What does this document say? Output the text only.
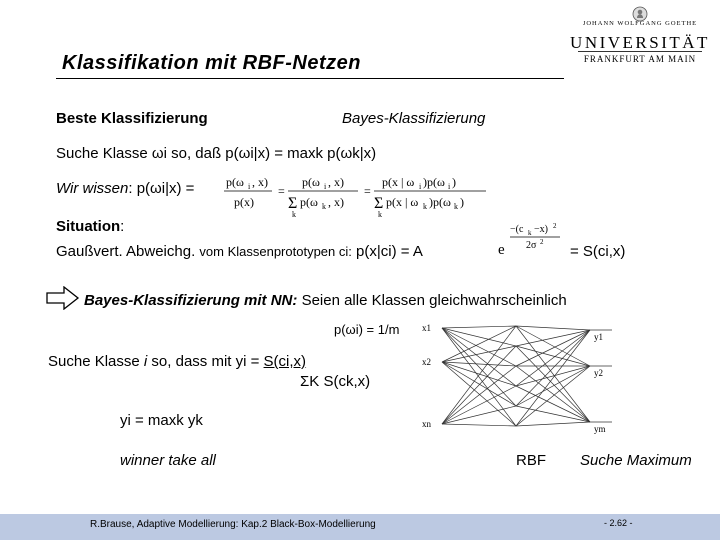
Klassifikation mit RBF-Netzen
JOHANN WOLFGANG GOETHE
UNIVERSITÄT
FRANKFURT AM MAIN
Beste Klassifizierung	Bayes-Klassifizierung
Suche Klasse ωi so, daß p(ωi|x) = maxk p(ωk|x)
Wir wissen: p(ωi|x) =	p(ω i , x)
p(x)
=
p(ω i , x)
Σ p(ω k , x)
k
=
p(x | ω i )p(ω i )
Σ p(x | ω k )p(ω k )
k
Situation:
Gaußvert. Abweichg. vom Klassenprototypen ci: p(x|ci) = A	e
−(c k −x) 2
2σ 2
= S(ci,x)
Bayes-Klassifizierung mit NN: Seien alle Klassen gleichwahrscheinlich
p(ωi) = 1/m
Suche Klasse i so, dass mit yi = S(ci,x)
ΣK S(ck,x)
yi = maxk yk
winner take all	RBF Suche Maximum
x1
x2
xn
y1
y2
ym
R.Brause, Adaptive Modellierung: Kap.2 Black-Box-Modellierung	- 2.62 -
